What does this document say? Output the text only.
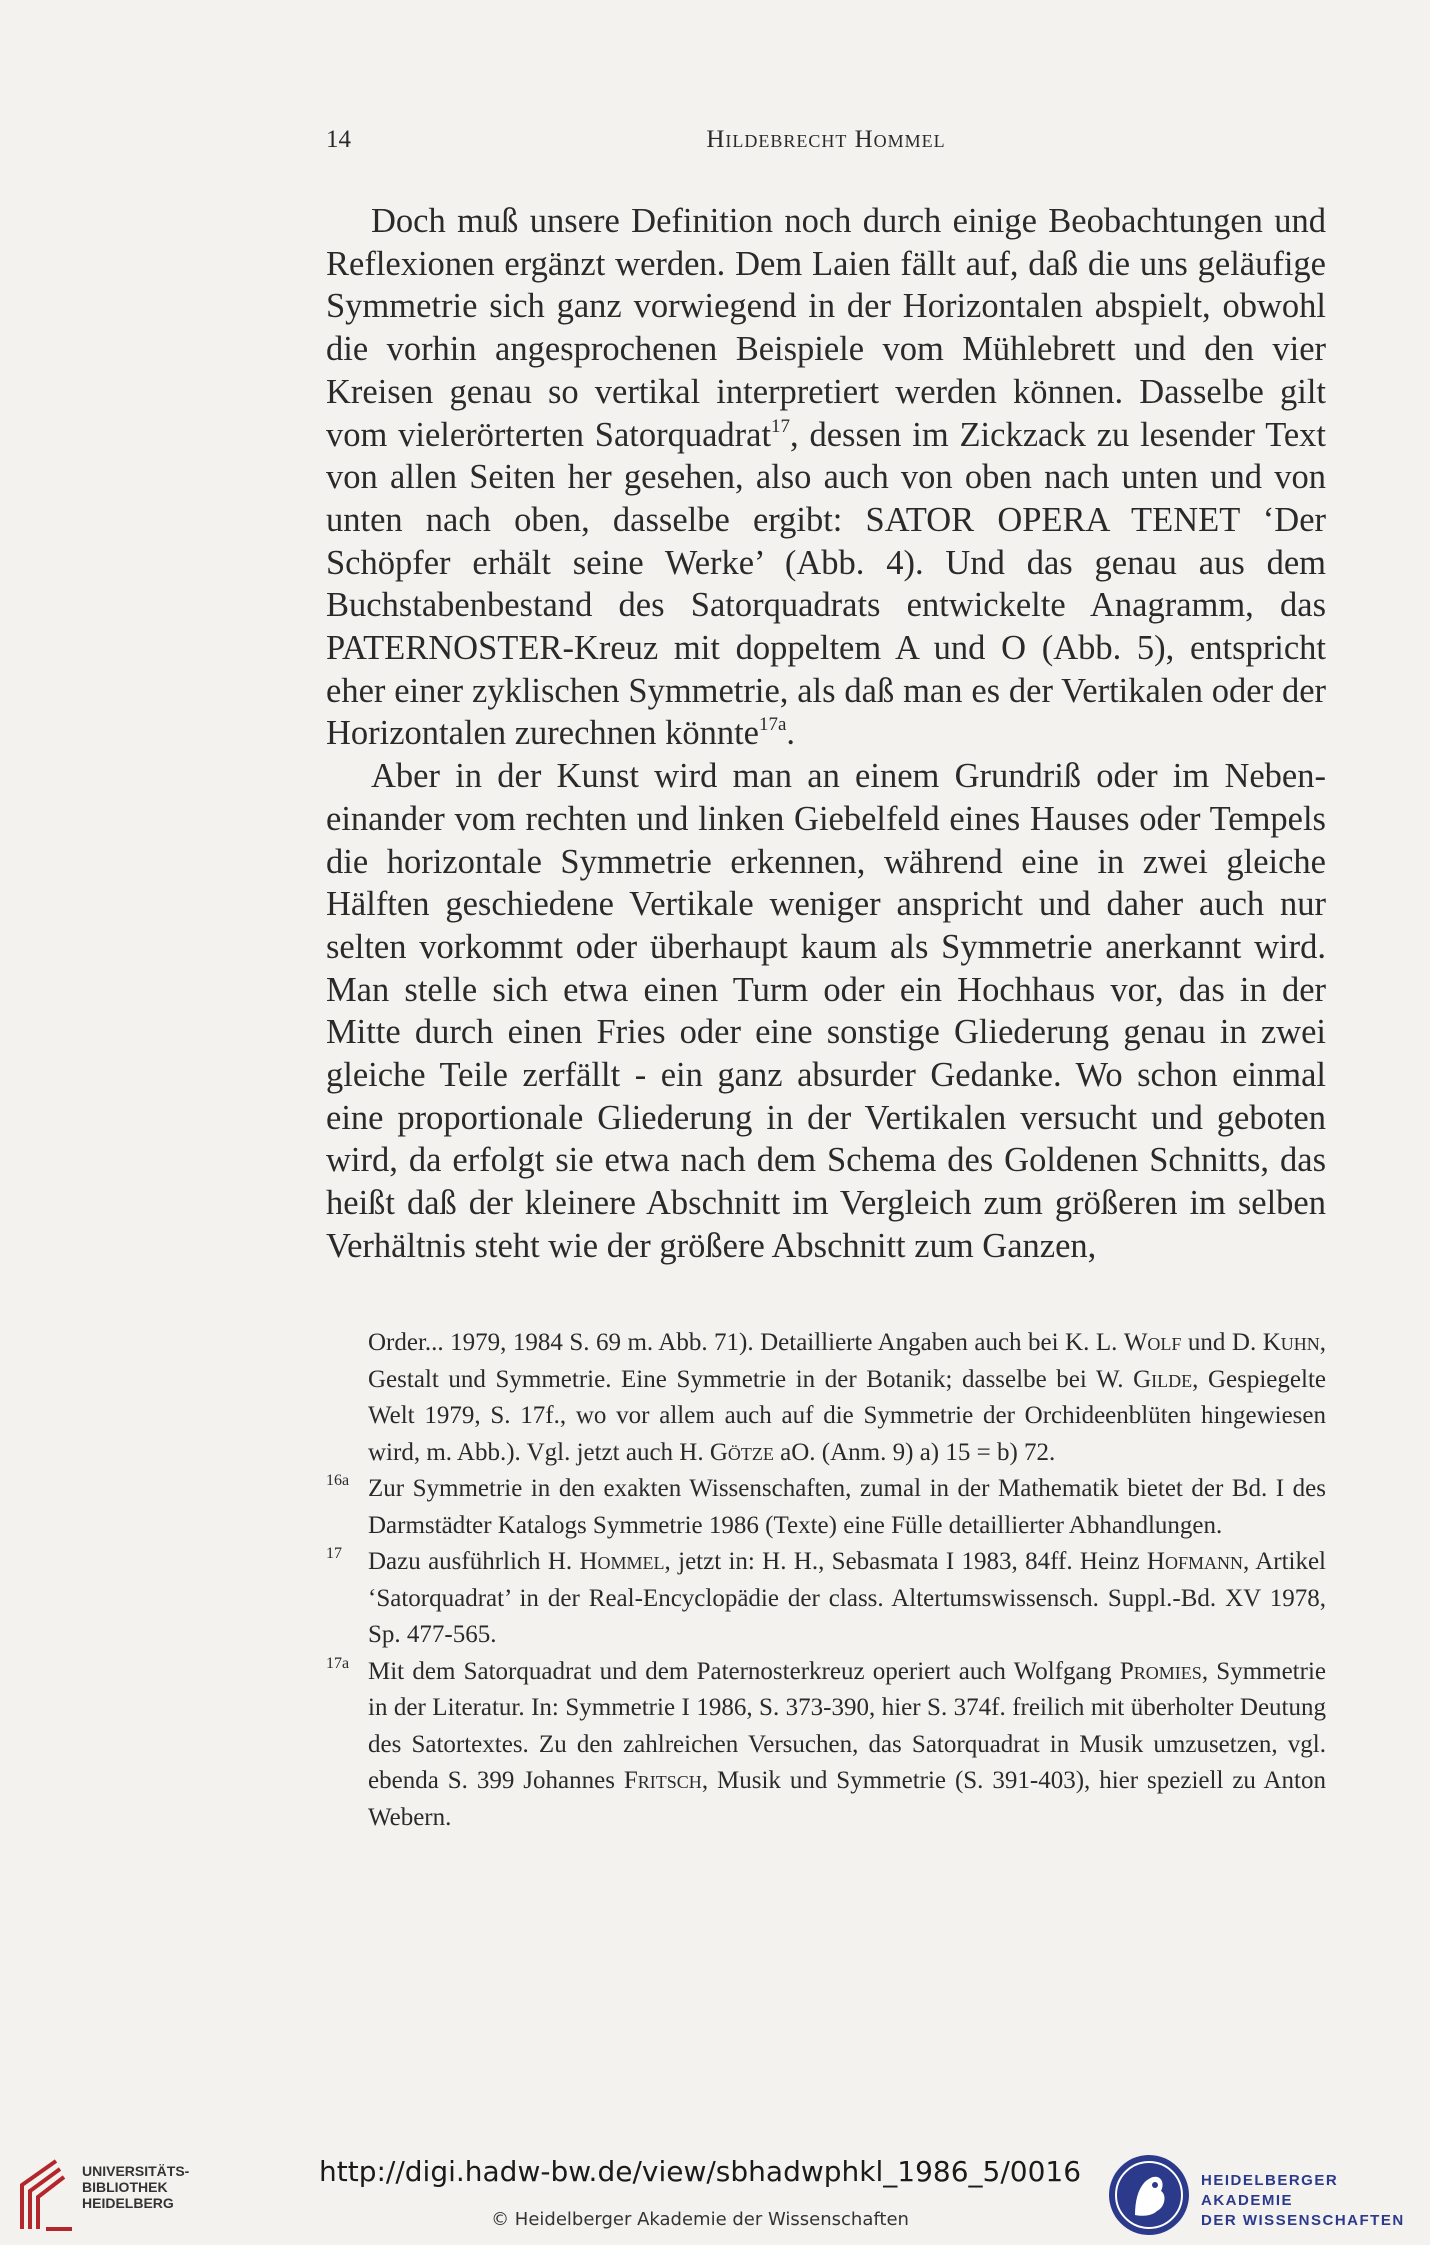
14	Hildebrecht Hommel

Doch muß unsere Definition noch durch einige Beobachtungen und Reflexionen ergänzt werden. Dem Laien fällt auf, daß die uns geläufige Symmetrie sich ganz vorwiegend in der Horizontalen abspielt, obwohl die vorhin angesprochenen Beispiele vom Mühlebrett und den vier Kreisen genau so vertikal interpretiert werden können. Dasselbe gilt vom vielerörterten Satorquadrat$^{17}$, dessen im Zickzack zu lesender Text von allen Seiten her gesehen, also auch von oben nach unten und von unten nach oben, dasselbe ergibt: SATOR OPERA TENET ‘Der Schöpfer erhält seine Werke’ (Abb. 4). Und das genau aus dem Buchstabenbestand des Satorquadrats entwickelte Anagramm, das PATERNOSTER-Kreuz mit doppeltem A und O (Abb. 5), entspricht eher einer zyklischen Symmetrie, als daß man es der Vertikalen oder der Horizontalen zurechnen könnte$^{17a}$.

Aber in der Kunst wird man an einem Grundriß oder im Nebeneinander vom rechten und linken Giebelfeld eines Hauses oder Tempels die horizontale Symmetrie erkennen, während eine in zwei gleiche Hälften geschiedene Vertikale weniger anspricht und daher auch nur selten vorkommt oder überhaupt kaum als Symmetrie anerkannt wird. Man stelle sich etwa einen Turm oder ein Hochhaus vor, das in der Mitte durch einen Fries oder eine sonstige Gliederung genau in zwei gleiche Teile zerfällt - ein ganz absurder Gedanke. Wo schon einmal eine proportionale Gliederung in der Vertikalen versucht und geboten wird, da erfolgt sie etwa nach dem Schema des Goldenen Schnitts, das heißt daß der kleinere Abschnitt im Vergleich zum größeren im selben Verhältnis steht wie der größere Abschnitt zum Ganzen,

Order... 1979, 1984 S. 69 m. Abb. 71). Detaillierte Angaben auch bei K. L. Wolf und D. Kuhn, Gestalt und Symmetrie. Eine Symmetrie in der Botanik; dasselbe bei W. Gilde, Gespiegelte Welt 1979, S. 17f., wo vor allem auch auf die Symmetrie der Orchideenblüten hingewiesen wird, m. Abb.). Vgl. jetzt auch H. Götze aO. (Anm. 9) a) 15 = b) 72.
16a Zur Symmetrie in den exakten Wissenschaften, zumal in der Mathematik bietet der Bd. I des Darmstädter Katalogs Symmetrie 1986 (Texte) eine Fülle detaillierter Abhandlungen.
17 Dazu ausführlich H. Hommel, jetzt in: H. H., Sebasmata I 1983, 84ff. Heinz Hofmann, Artikel ‘Satorquadrat’ in der Real-Encyclopädie der class. Altertumswissensch. Suppl.-Bd. XV 1978, Sp. 477-565.
17a Mit dem Satorquadrat und dem Paternosterkreuz operiert auch Wolfgang Promies, Symmetrie in der Literatur. In: Symmetrie I 1986, S. 373-390, hier S. 374f. freilich mit überholter Deutung des Satortextes. Zu den zahlreichen Versuchen, das Satorquadrat in Musik umzusetzen, vgl. ebenda S. 399 Johannes Fritsch, Musik und Symmetrie (S. 391-403), hier speziell zu Anton Webern.
UNIVERSITÄTS-
BIBLIOTHEK
HEIDELBERG
http://digi.hadw-bw.de/view/sbhadwphkl_1986_5/0016
© Heidelberger Akademie der Wissenschaften
HEIDELBERGER AKADEMIE
DER WISSENSCHAFTEN
